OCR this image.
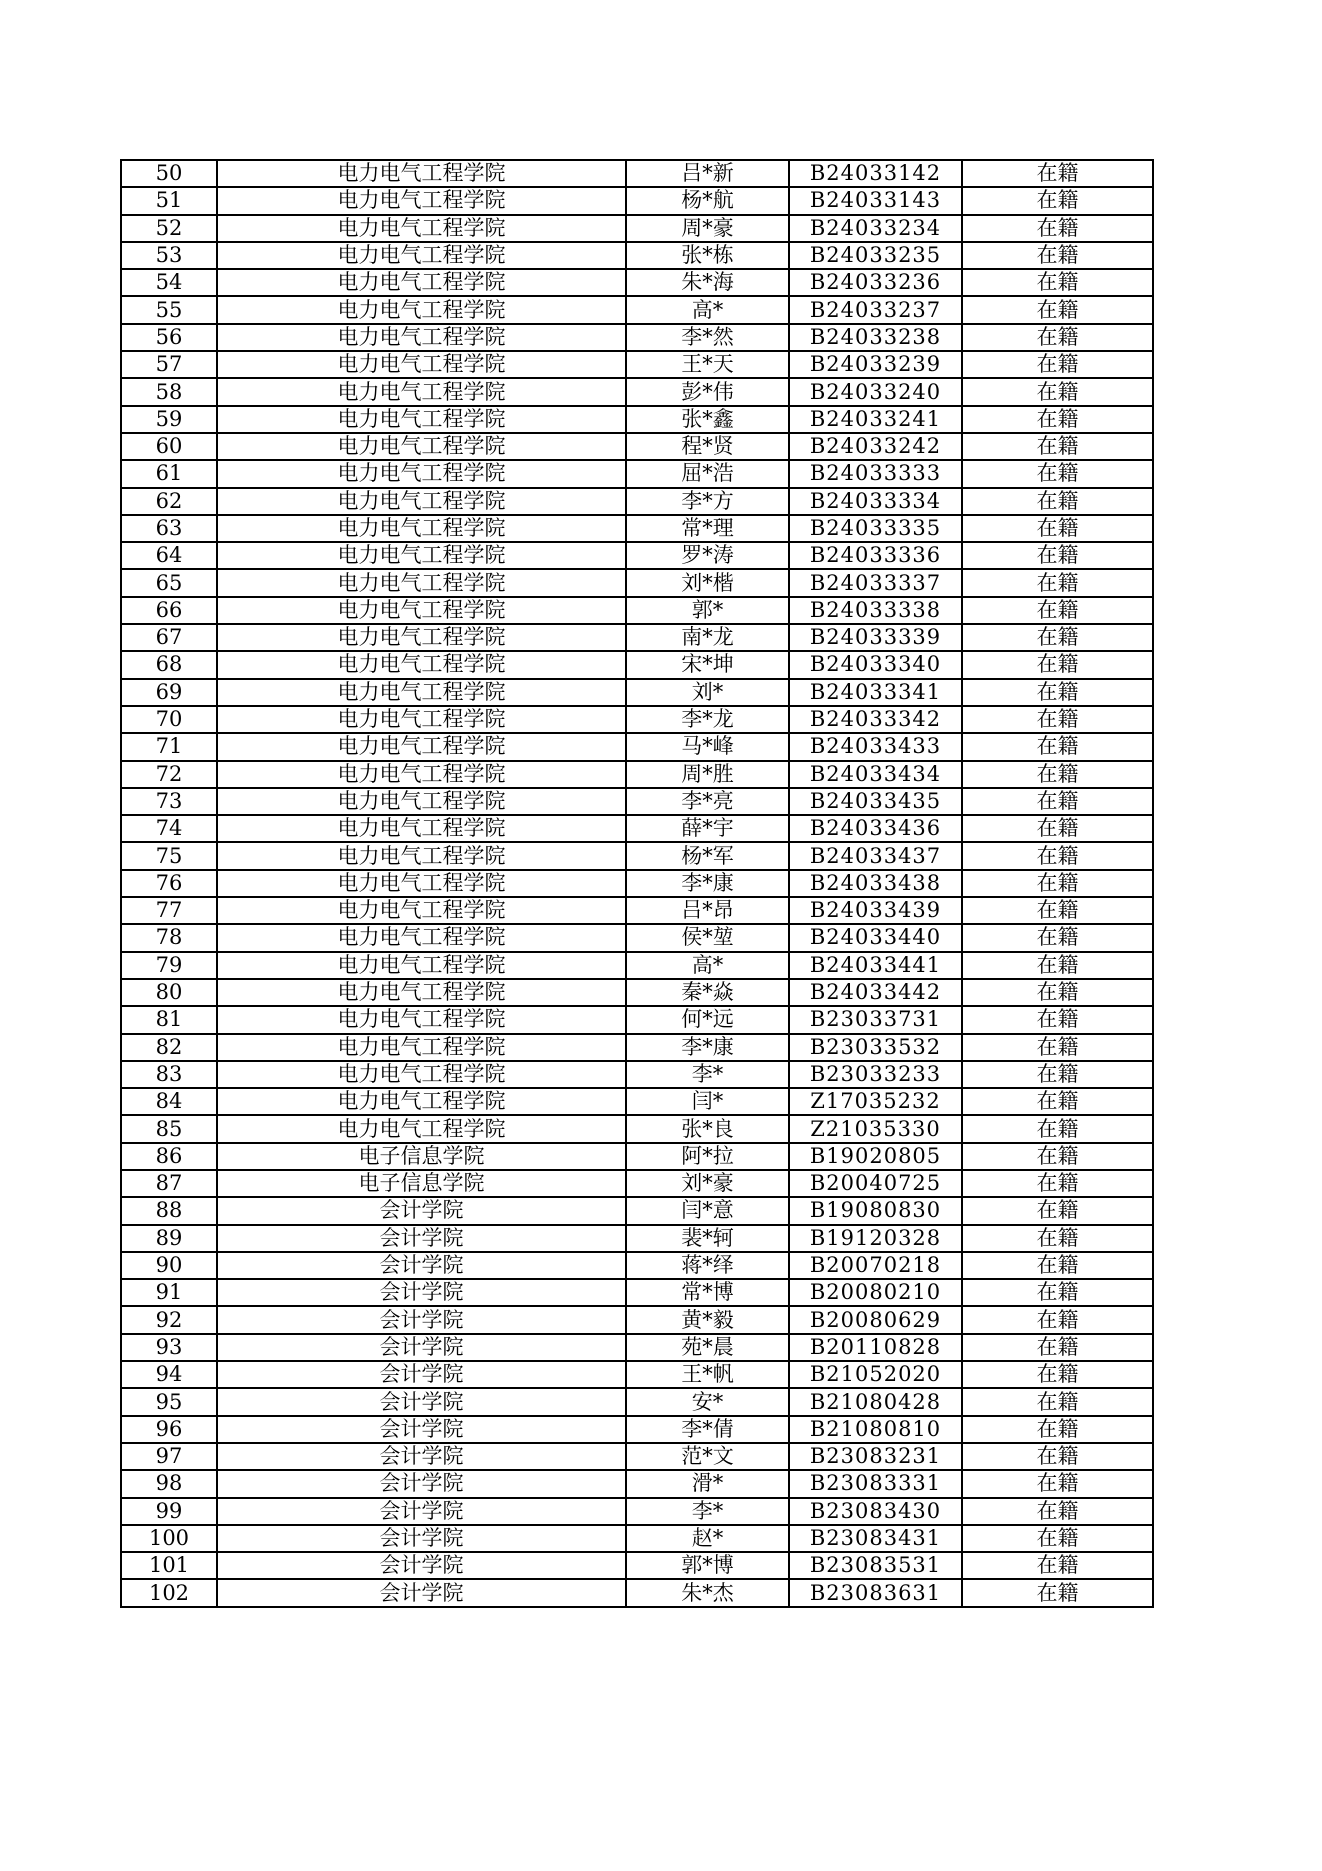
50	电力电气工程学院	吕*新	B24033142	在籍
51	电力电气工程学院	杨*航	B24033143	在籍
52	电力电气工程学院	周*豪	B24033234	在籍
53	电力电气工程学院	张*栋	B24033235	在籍
54	电力电气工程学院	朱*海	B24033236	在籍
55	电力电气工程学院	高*	B24033237	在籍
56	电力电气工程学院	李*然	B24033238	在籍
57	电力电气工程学院	王*天	B24033239	在籍
58	电力电气工程学院	彭*伟	B24033240	在籍
59	电力电气工程学院	张*鑫	B24033241	在籍
60	电力电气工程学院	程*贤	B24033242	在籍
61	电力电气工程学院	屈*浩	B24033333	在籍
62	电力电气工程学院	李*方	B24033334	在籍
63	电力电气工程学院	常*理	B24033335	在籍
64	电力电气工程学院	罗*涛	B24033336	在籍
65	电力电气工程学院	刘*楷	B24033337	在籍
66	电力电气工程学院	郭*	B24033338	在籍
67	电力电气工程学院	南*龙	B24033339	在籍
68	电力电气工程学院	宋*坤	B24033340	在籍
69	电力电气工程学院	刘*	B24033341	在籍
70	电力电气工程学院	李*龙	B24033342	在籍
71	电力电气工程学院	马*峰	B24033433	在籍
72	电力电气工程学院	周*胜	B24033434	在籍
73	电力电气工程学院	李*亮	B24033435	在籍
74	电力电气工程学院	薛*宇	B24033436	在籍
75	电力电气工程学院	杨*军	B24033437	在籍
76	电力电气工程学院	李*康	B24033438	在籍
77	电力电气工程学院	吕*昂	B24033439	在籍
78	电力电气工程学院	侯*堃	B24033440	在籍
79	电力电气工程学院	高*	B24033441	在籍
80	电力电气工程学院	秦*焱	B24033442	在籍
81	电力电气工程学院	何*远	B23033731	在籍
82	电力电气工程学院	李*康	B23033532	在籍
83	电力电气工程学院	李*	B23033233	在籍
84	电力电气工程学院	闫*	Z17035232	在籍
85	电力电气工程学院	张*良	Z21035330	在籍
86	电子信息学院	阿*拉	B19020805	在籍
87	电子信息学院	刘*豪	B20040725	在籍
88	会计学院	闫*意	B19080830	在籍
89	会计学院	裴*轲	B19120328	在籍
90	会计学院	蒋*绎	B20070218	在籍
91	会计学院	常*博	B20080210	在籍
92	会计学院	黄*毅	B20080629	在籍
93	会计学院	苑*晨	B20110828	在籍
94	会计学院	王*帆	B21052020	在籍
95	会计学院	安*	B21080428	在籍
96	会计学院	李*倩	B21080810	在籍
97	会计学院	范*文	B23083231	在籍
98	会计学院	滑*	B23083331	在籍
99	会计学院	李*	B23083430	在籍
100	会计学院	赵*	B23083431	在籍
101	会计学院	郭*博	B23083531	在籍
102	会计学院	朱*杰	B23083631	在籍
